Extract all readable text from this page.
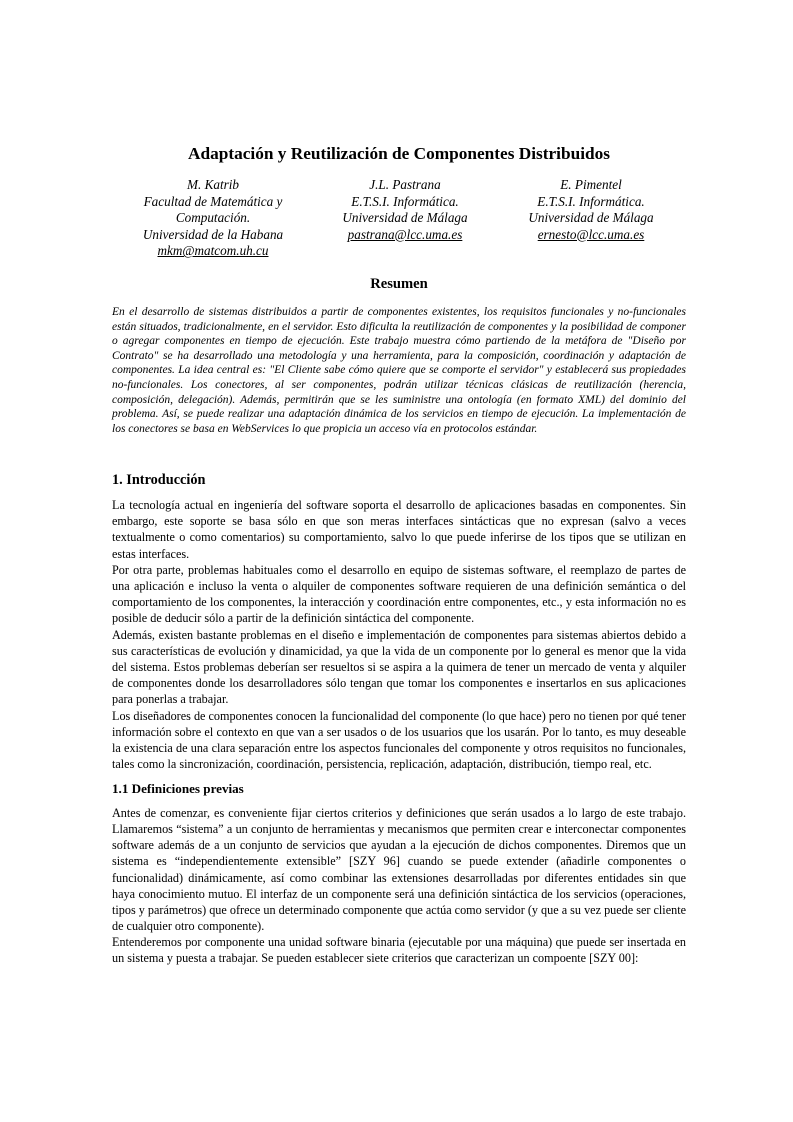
Adaptación y Reutilización de Componentes Distribuidos
M. Katrib
Facultad de Matemática y
Computación.
Universidad de la Habana
mkm@matcom.uh.cu
J.L. Pastrana
E.T.S.I. Informática.
Universidad de Málaga
pastrana@lcc.uma.es
E. Pimentel
E.T.S.I. Informática.
Universidad de Málaga
ernesto@lcc.uma.es
Resumen
En el desarrollo de sistemas distribuidos a partir de componentes existentes, los requisitos funcionales y no-funcionales están situados, tradicionalmente, en el servidor. Esto dificulta la reutilización de componentes y la posibilidad de componer o agregar componentes en tiempo de ejecución. Este trabajo muestra cómo partiendo de la metáfora de "Diseño por Contrato" se ha desarrollado una metodología y una herramienta, para la composición, coordinación y adaptación de componentes. La idea central es: "El Cliente sabe cómo quiere que se comporte el servidor" y establecerá sus propiedades no-funcionales. Los conectores, al ser componentes, podrán utilizar técnicas clásicas de reutilización (herencia, composición, delegación). Además, permitirán que se les suministre una ontología (en formato XML) del dominio del problema. Así, se puede realizar una adaptación dinámica de los servicios en tiempo de ejecución. La implementación de los conectores se basa en WebServices lo que propicia un acceso vía en protocolos estándar.
1. Introducción

La tecnología actual en ingeniería del software soporta el desarrollo de aplicaciones basadas en componentes. Sin embargo, este soporte se basa sólo en que son meras interfaces sintácticas que no expresan (salvo a veces textualmente o como comentarios) su comportamiento, salvo lo que puede inferirse de los tipos que se utilizan en estas interfaces.

Por otra parte, problemas habituales como el desarrollo en equipo de sistemas software, el reemplazo de partes de una aplicación e incluso la venta o alquiler de componentes software requieren de una definición semántica o del comportamiento de los componentes, la interacción y coordinación entre componentes, etc., y esta información no es posible de deducir sólo a partir de la definición sintáctica del componente.

Además, existen bastante problemas en el diseño e implementación de componentes para sistemas abiertos debido a sus características de evolución y dinamicidad, ya que la vida de un componente por lo general es menor que la vida del sistema. Estos problemas deberían ser resueltos si se aspira a la quimera de tener un mercado de venta y alquiler de componentes donde los desarrolladores sólo tengan que tomar los componentes e insertarlos en sus aplicaciones para ponerlas a trabajar.

Los diseñadores de componentes conocen la funcionalidad del componente (lo que hace) pero no tienen por qué tener información sobre el contexto en que van a ser usados o de los usuarios que los usarán. Por lo tanto, es muy deseable la existencia de una clara separación entre los aspectos funcionales del componente y otros requisitos no funcionales, tales como la sincronización, coordinación, persistencia, replicación, adaptación, distribución, tiempo real, etc.

1.1 Definiciones previas

Antes de comenzar, es conveniente fijar ciertos criterios y definiciones que serán usados a lo largo de este trabajo. Llamaremos “sistema” a un conjunto de herramientas y mecanismos que permiten crear e interconectar componentes software además de a un conjunto de servicios que ayudan a la ejecución de dichos componentes. Diremos que un sistema es “independientemente extensible” [SZY 96] cuando se puede extender (añadirle componentes o funcionalidad) dinámicamente, así como combinar las extensiones desarrolladas por diferentes entidades sin que haya conocimiento mutuo. El interfaz de un componente será una definición sintáctica de los servicios (operaciones, tipos y parámetros) que ofrece un determinado componente que actúa como servidor (y que a su vez puede ser cliente de cualquier otro componente).

Entenderemos por componente una unidad software binaria (ejecutable por una máquina) que puede ser insertada en un sistema y puesta a trabajar. Se pueden establecer siete criterios que caracterizan un compoente [SZY 00]:
